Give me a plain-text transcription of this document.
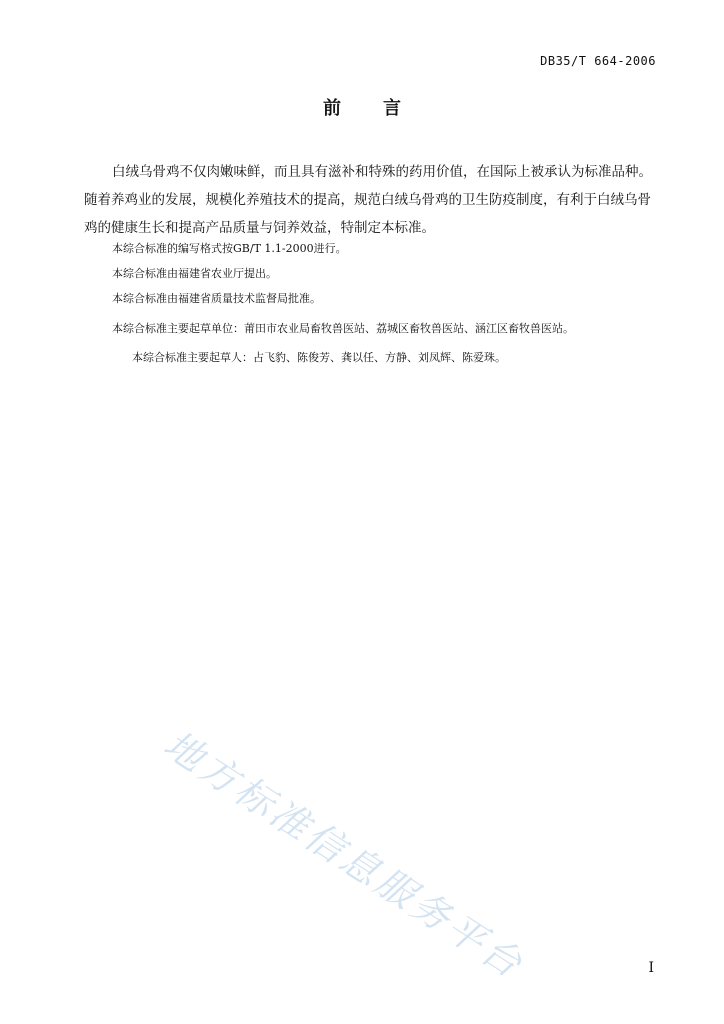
DB35/T 664-2006
前 言

白绒乌骨鸡不仅肉嫩味鲜，而且具有滋补和特殊的药用价值，在国际上被承认为标准品种。随着养鸡业的发展，规模化养殖技术的提高，规范白绒乌骨鸡的卫生防疫制度，有利于白绒乌骨鸡的健康生长和提高产品质量与饲养效益，特制定本标准。

本综合标准的编写格式按GB/T 1.1-2000进行。

本综合标准由福建省农业厅提出。

本综合标准由福建省质量技术监督局批准。

本综合标准主要起草单位：莆田市农业局畜牧兽医站、荔城区畜牧兽医站、涵江区畜牧兽医站。

本综合标准主要起草人：占飞豹、陈俊芳、龚以任、方静、刘凤辉、陈爱珠。

地方标准信息服务平台	I
